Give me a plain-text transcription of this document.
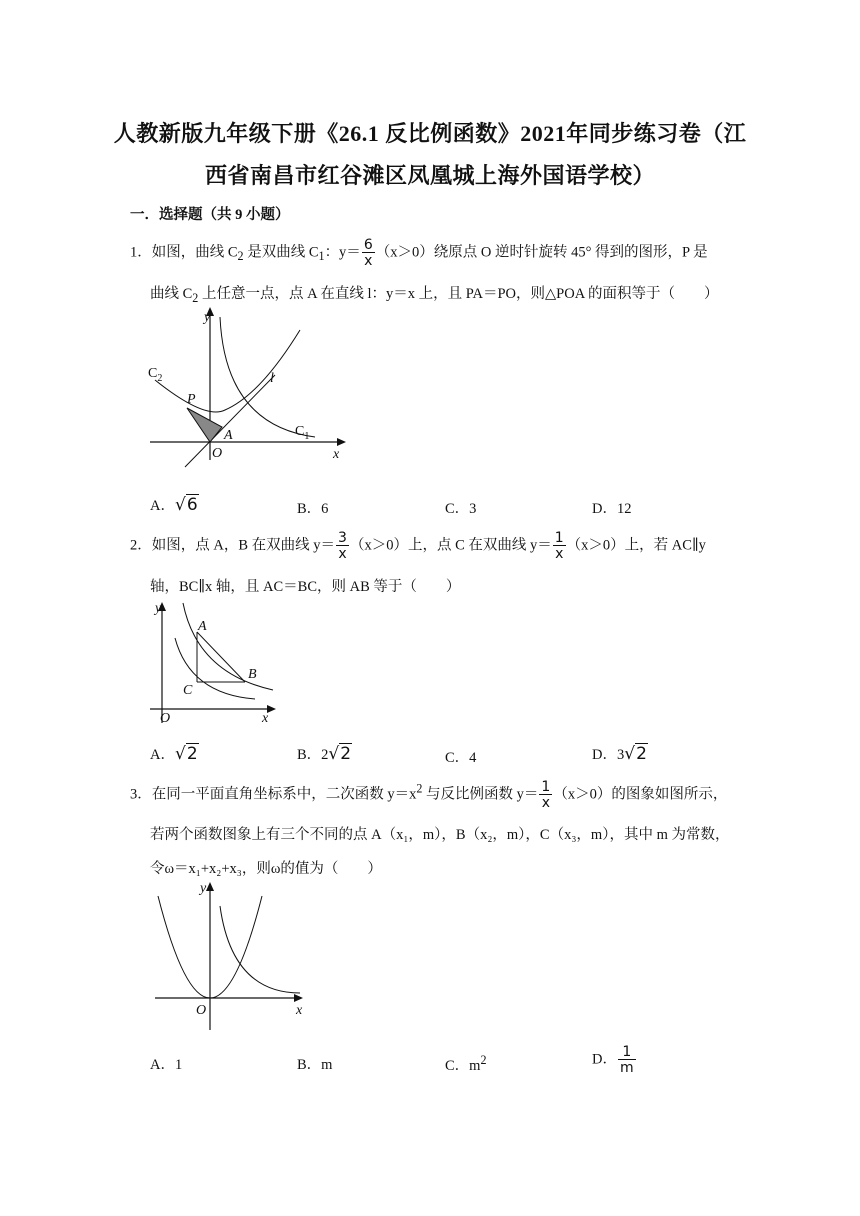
人教新版九年级下册《26.1 反比例函数》2021年同步练习卷（江
西省南昌市红谷滩区凤凰城上海外国语学校）
一．选择题（共 9 小题）
1．如图，曲线 $C_2$ 是双曲线 $C_1$：$y= \frac{6}{x} (x>0)$绕原点 O 逆时针旋转 45° 得到的图形，P 是
曲线 $C_2$ 上任意一点，点 A 在直线 l：y＝x 上，且 PA＝PO，则△POA 的面积等于（　　）
y
l
$C_2$
$C_1$
P
A
O	x
A．√6	B．6	C．3	D．12
2．如图，点 A，B 在双曲线 $y= \frac{3}{x} (x>0)$上，点 C 在双曲线 $y= \frac{1}{x} (x>0)$上，若 AC∥y
轴，BC∥x 轴，且 AC＝BC，则 AB 等于（　　）
y
A
B
C
O	x
A．√2	B．2√2	C．4	D．3√2
3．在同一平面直角坐标系中，二次函数 $y=x^2$ 与反比例函数 $y= \frac{1}{x} (x>0)$的图象如图所示，
若两个函数图象上有三个不同的点 A（x₁，m），B（x₂，m），C（x₃，m），其中 m 为常数，
令ω＝x₁+x₂+x₃，则ω的值为（　　）
y
O	x
A．1	B．m	C．$m^2$	D． $\frac{1}{m}$
